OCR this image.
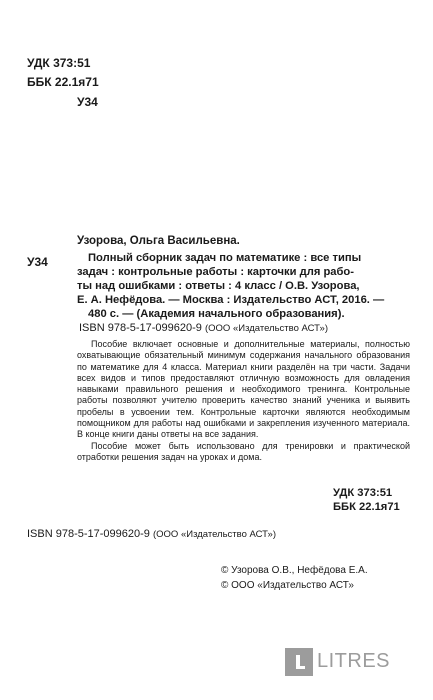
УДК 373:51
ББК 22.1я71
У34
Узорова, Ольга Васильевна.
У34	Полный сборник задач по математике : все типы
задач : контрольные работы : карточки для рабо-
ты над ошибками : ответы : 4 класс / О.В. Узорова,
Е. А. Нефёдова. — Москва : Издательство АСТ, 2016. —
480 с. — (Академия начального образования).
ISBN 978-5-17-099620-9 (ООО «Издательство АСТ»)

Пособие включает основные и дополнительные материалы, полностью охватывающие обязательный минимум содержания начального образования по математике для 4 класса. Материал книги разделён на три части. Задачи всех видов и типов предоставляют отличную возможность для овладения навыками правильного решения и необходимого тренинга. Контрольные работы позволяют учителю проверить качество знаний ученика и выявить пробелы в усвоении тем. Контрольные карточки являются необходимым помощником для работы над ошибками и закрепления изученного материала. В конце книги даны ответы на все задания.

Пособие может быть использовано для тренировки и практической отработки решения задач на уроках и дома.

УДК 373:51
ББК 22.1я71
ISBN 978-5-17-099620-9 (ООО «Издательство АСТ»)
© Узорова О.В., Нефёдова Е.А.
© ООО «Издательство АСТ»
LITRES
